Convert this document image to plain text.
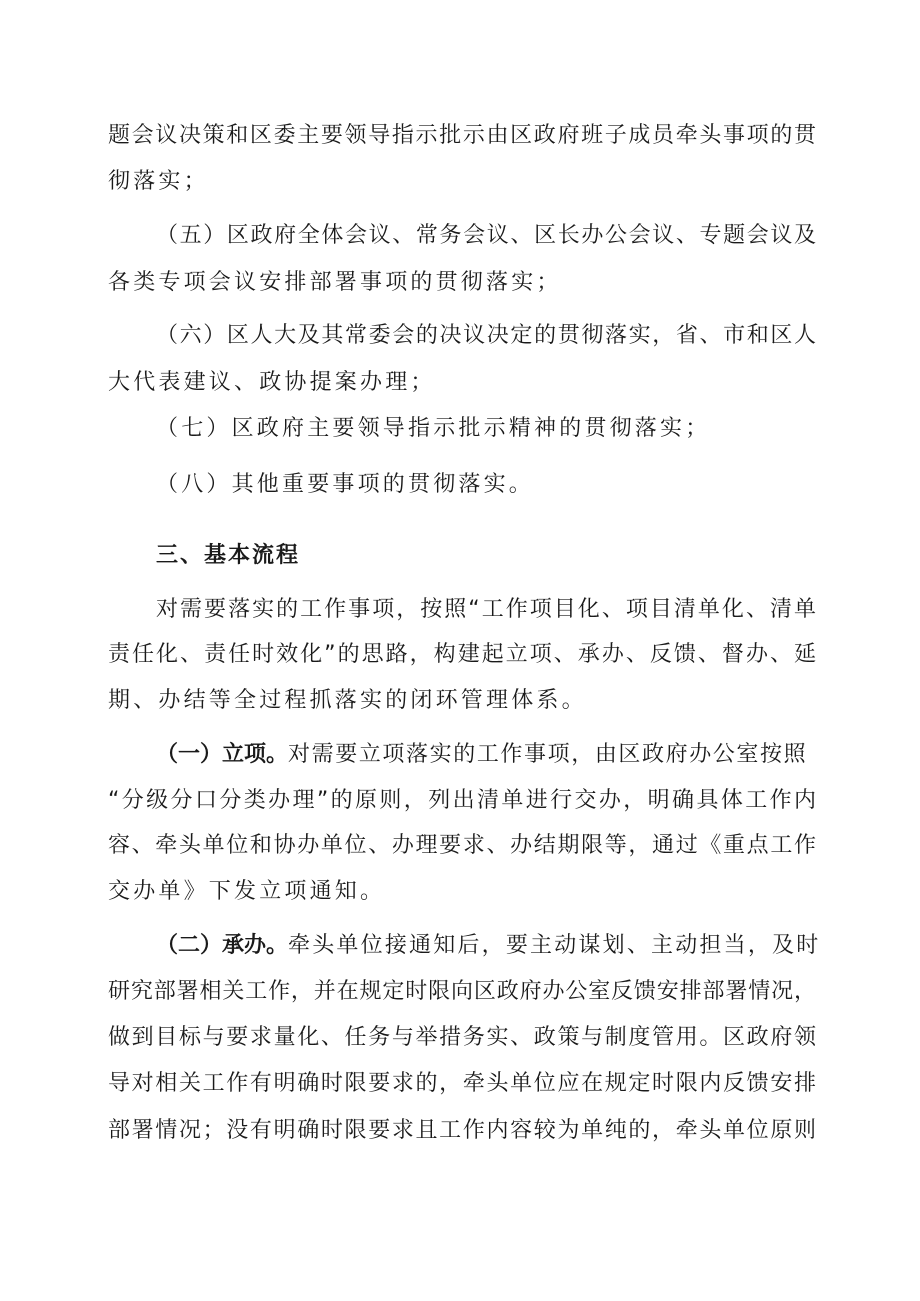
题会议决策和区委主要领导指示批示由区政府班子成员牵头事项的贯
彻落实；
（五）区政府全体会议、常务会议、区长办公会议、专题会议及
各类专项会议安排部署事项的贯彻落实；
（六）区人大及其常委会的决议决定的贯彻落实，省、市和区人
大代表建议、政协提案办理；
（七）区政府主要领导指示批示精神的贯彻落实；
（八）其他重要事项的贯彻落实。
三、基本流程
对需要落实的工作事项，按照“工作项目化、项目清单化、清单
责任化、责任时效化”的思路，构建起立项、承办、反馈、督办、延
期、办结等全过程抓落实的闭环管理体系。
（一）立项。对需要立项落实的工作事项，由区政府办公室按照
“分级分口分类办理”的原则，列出清单进行交办，明确具体工作内
容、牵头单位和协办单位、办理要求、办结期限等，通过《重点工作
交办单》下发立项通知。
（二）承办。牵头单位接通知后，要主动谋划、主动担当，及时
研究部署相关工作，并在规定时限向区政府办公室反馈安排部署情况，
做到目标与要求量化、任务与举措务实、政策与制度管用。区政府领
导对相关工作有明确时限要求的，牵头单位应在规定时限内反馈安排
部署情况；没有明确时限要求且工作内容较为单纯的，牵头单位原则
